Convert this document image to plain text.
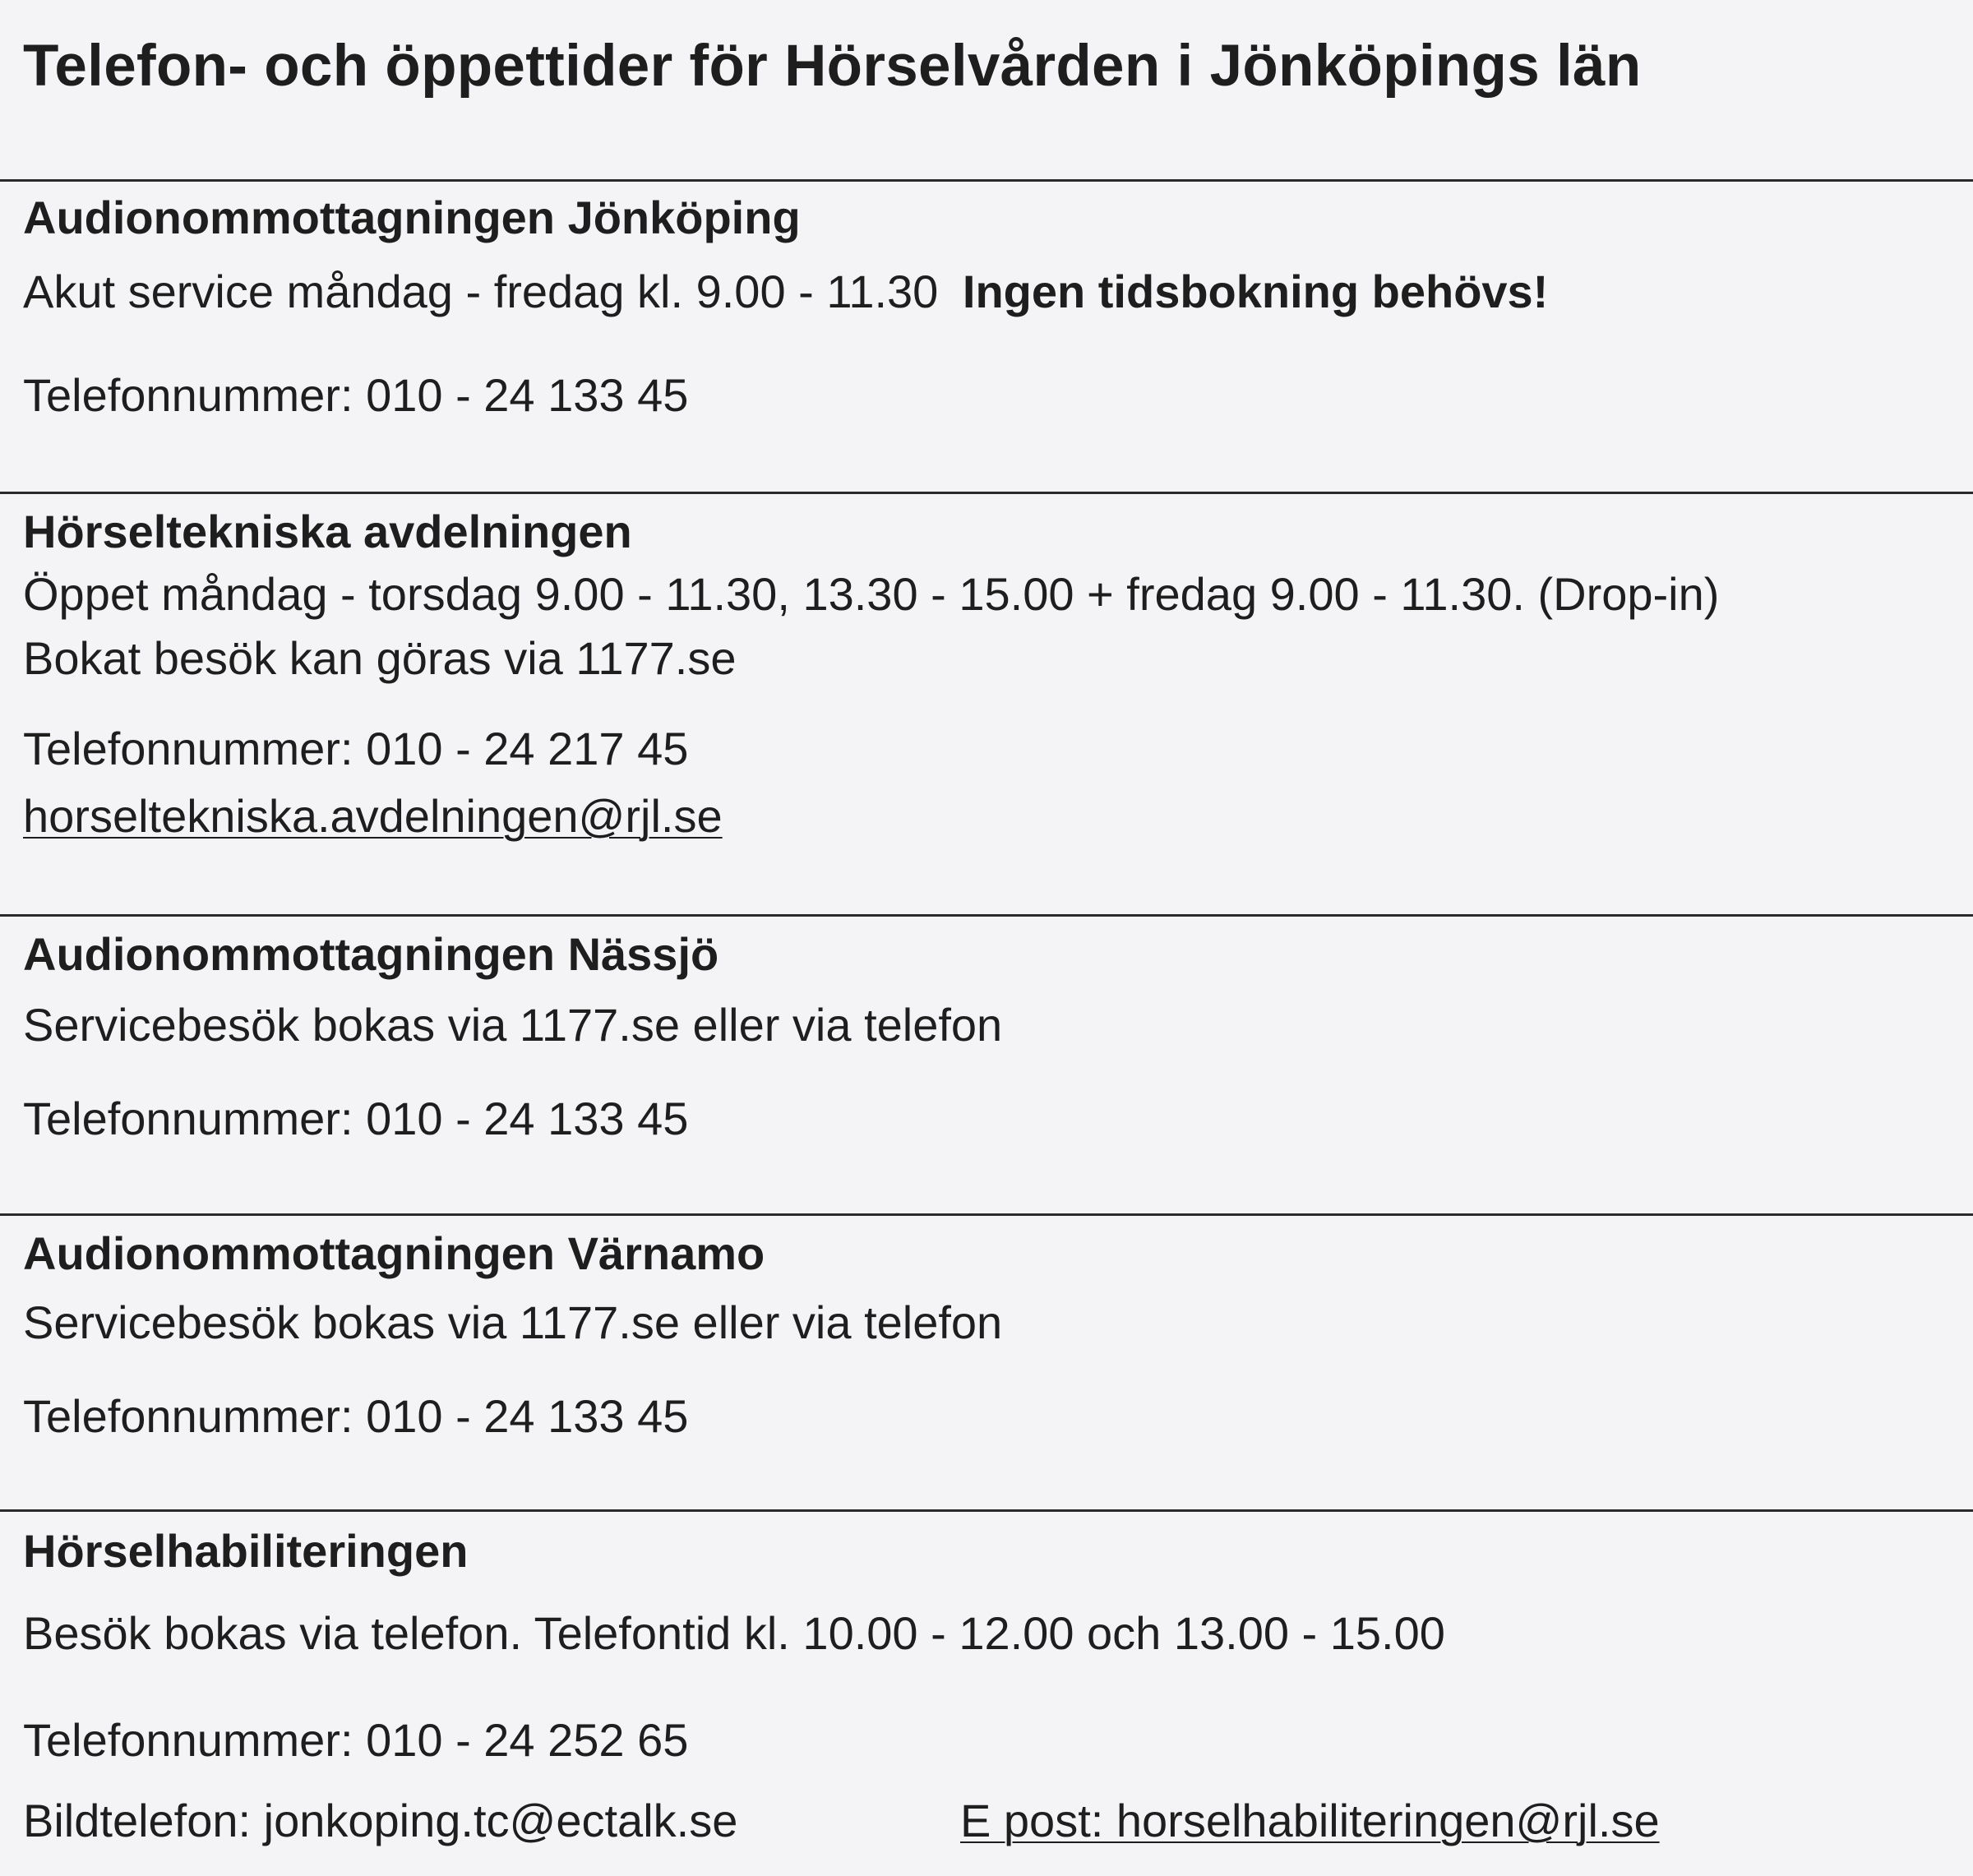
Telefon- och öppettider för Hörselvården i Jönköpings län
Audionommottagningen Jönköping
Akut service måndag - fredag kl. 9.00 - 11.30 Ingen tidsbokning behövs!
Telefonnummer: 010 - 24 133 45
Hörseltekniska avdelningen
Öppet måndag - torsdag 9.00 - 11.30, 13.30 - 15.00 + fredag 9.00 - 11.30. (Drop-in)
Bokat besök kan göras via 1177.se
Telefonnummer: 010 - 24 217 45
horseltekniska.avdelningen@rjl.se
Audionommottagningen Nässjö
Servicebesök bokas via 1177.se eller via telefon
Telefonnummer: 010 - 24 133 45
Audionommottagningen Värnamo
Servicebesök bokas via 1177.se eller via telefon
Telefonnummer: 010 - 24 133 45
Hörselhabiliteringen
Besök bokas via telefon. Telefontid kl. 10.00 - 12.00 och 13.00 - 15.00
Telefonnummer: 010 - 24 252 65
Bildtelefon: jonkoping.tc@ectalk.se	E post: horselhabiliteringen@rjl.se
